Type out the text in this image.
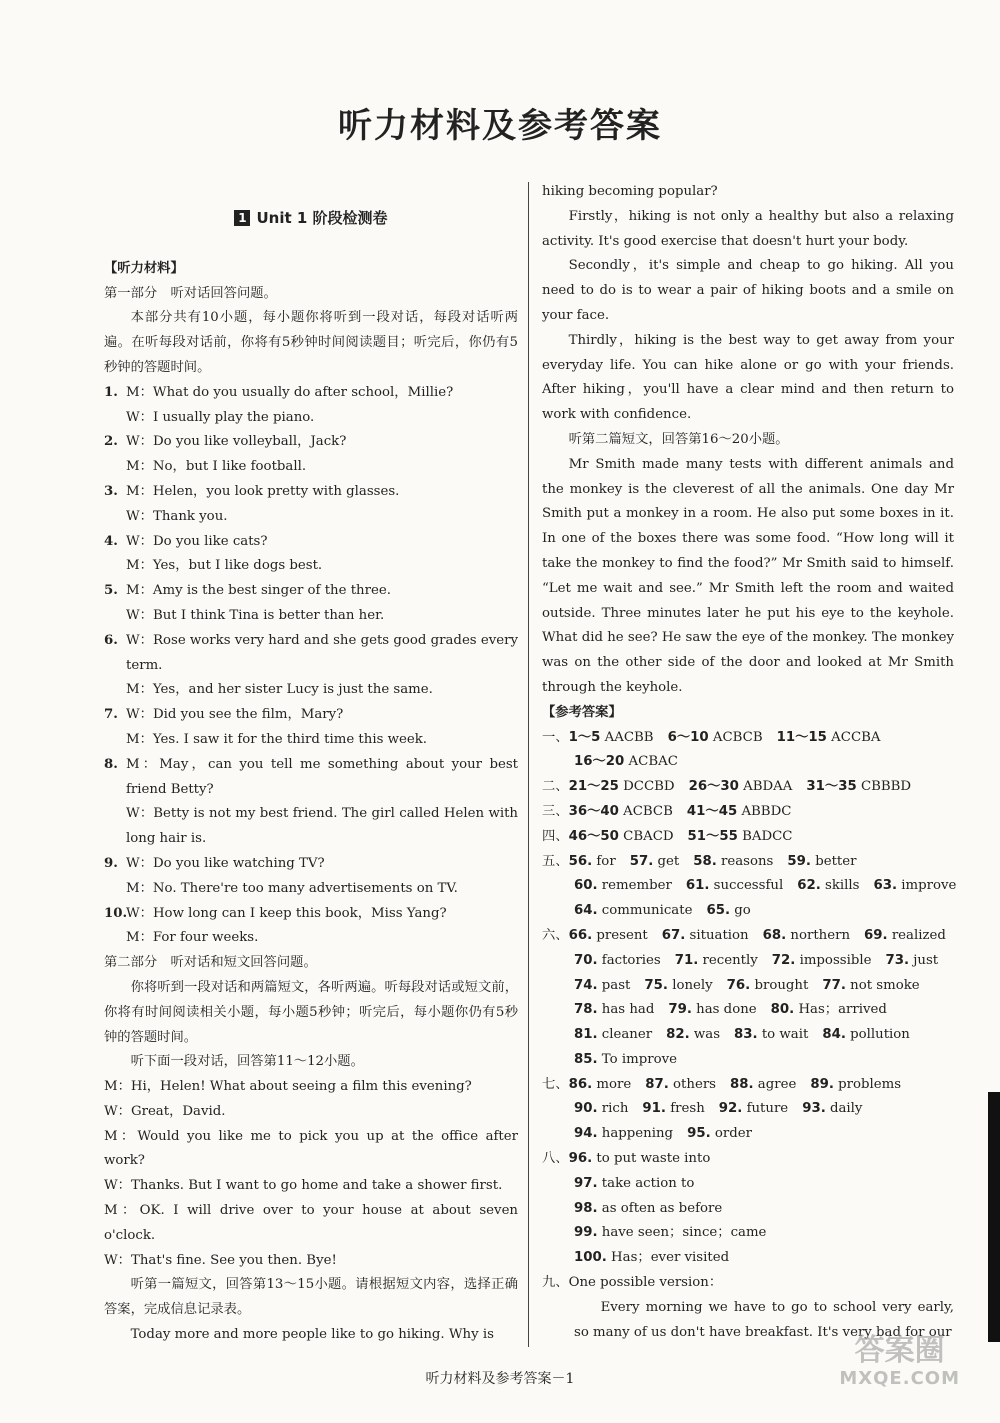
听力材料及参考答案
1 Unit 1 阶段检测卷

【听力材料】

第一部分　听对话回答问题。

本部分共有10小题，每小题你将听到一段对话，每段对话听两遍。在听每段对话前，你将有5秒钟时间阅读题目；听完后，你仍有5秒钟的答题时间。

1. M：What do you usually do after school，Millie?

W：I usually play the piano.

2. W：Do you like volleyball，Jack?

M：No，but I like football.

3. M：Helen，you look pretty with glasses.

W：Thank you.

4. W：Do you like cats?

M：Yes，but I like dogs best.

5. M：Amy is the best singer of the three.

W：But I think Tina is better than her.

6. W：Rose works very hard and she gets good grades every term.

M：Yes，and her sister Lucy is just the same.

7. W：Did you see the film，Mary?

M：Yes. I saw it for the third time this week.

8. M：May，can you tell me something about your best friend Betty?

W：Betty is not my best friend. The girl called Helen with long hair is.

9. W：Do you like watching TV?

M：No. There're too many advertisements on TV.

10.W：How long can I keep this book，Miss Yang?

M：For four weeks.

第二部分　听对话和短文回答问题。

你将听到一段对话和两篇短文，各听两遍。听每段对话或短文前，你将有时间阅读相关小题，每小题5秒钟；听完后，每小题你仍有5秒钟的答题时间。

听下面一段对话，回答第11～12小题。

M：Hi，Helen! What about seeing a film this evening?

W：Great，David.

M：Would you like me to pick you up at the office after work?

W：Thanks. But I want to go home and take a shower first.

M：OK. I will drive over to your house at about seven o'clock.

W：That's fine. See you then. Bye!

听第一篇短文，回答第13～15小题。请根据短文内容，选择正确答案，完成信息记录表。

Today more and more people like to go hiking. Why is

hiking becoming popular?

Firstly，hiking is not only a healthy but also a relaxing activity. It's good exercise that doesn't hurt your body.

Secondly，it's simple and cheap to go hiking. All you need to do is to wear a pair of hiking boots and a smile on your face.

Thirdly，hiking is the best way to get away from your everyday life. You can hike alone or go with your friends. After hiking，you'll have a clear mind and then return to work with confidence.

听第二篇短文，回答第16～20小题。

Mr Smith made many tests with different animals and the monkey is the cleverest of all the animals. One day Mr Smith put a monkey in a room. He also put some boxes in it. In one of the boxes there was some food. “How long will it take the monkey to find the food?” Mr Smith said to himself. “Let me wait and see.” Mr Smith left the room and waited outside. Three minutes later he put his eye to the keyhole. What did he see? He saw the eye of the monkey. The monkey was on the other side of the door and looked at Mr Smith through the keyhole.

【参考答案】

一、1～5 AACBB 6～10 ACBCB 11～15 ACCBA

16～20 ACBAC

二、21～25 DCCBD 26～30 ABDAA 31～35 CBBBD

三、36～40 ACBCB 41～45 ABBDC

四、46～50 CBACD 51～55 BADCC

五、56. for 57. get 58. reasons 59. better

60. remember 61. successful 62. skills 63. improve

64. communicate 65. go

六、66. present 67. situation 68. northern 69. realized

70. factories 71. recently 72. impossible 73. just

74. past 75. lonely 76. brought 77. not smoke

78. has had 79. has done 80. Has；arrived

81. cleaner 82. was 83. to wait 84. pollution

85. To improve

七、86. more 87. others 88. agree 89. problems

90. rich 91. fresh 92. future 93. daily

94. happening 95. order

八、96. to put waste into

97. take action to

98. as often as before

99. have seen；since；came

100. Has；ever visited

九、One possible version：

Every morning we have to go to school very early, so many of us don't have breakfast. It's very bad for our

听力材料及参考答案－1
答案圈
MXQE.COM
